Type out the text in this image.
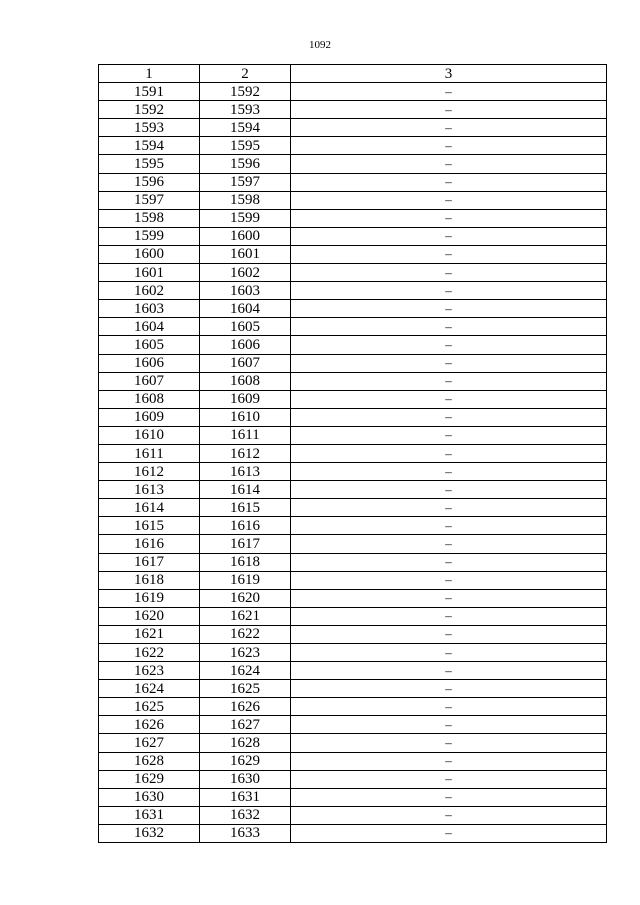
1092
1	2	3
1591	1592	–
1592	1593	–
1593	1594	–
1594	1595	–
1595	1596	–
1596	1597	–
1597	1598	–
1598	1599	–
1599	1600	–
1600	1601	–
1601	1602	–
1602	1603	–
1603	1604	–
1604	1605	–
1605	1606	–
1606	1607	–
1607	1608	–
1608	1609	–
1609	1610	–
1610	1611	–
1611	1612	–
1612	1613	–
1613	1614	–
1614	1615	–
1615	1616	–
1616	1617	–
1617	1618	–
1618	1619	–
1619	1620	–
1620	1621	–
1621	1622	–
1622	1623	–
1623	1624	–
1624	1625	–
1625	1626	–
1626	1627	–
1627	1628	–
1628	1629	–
1629	1630	–
1630	1631	–
1631	1632	–
1632	1633	–
